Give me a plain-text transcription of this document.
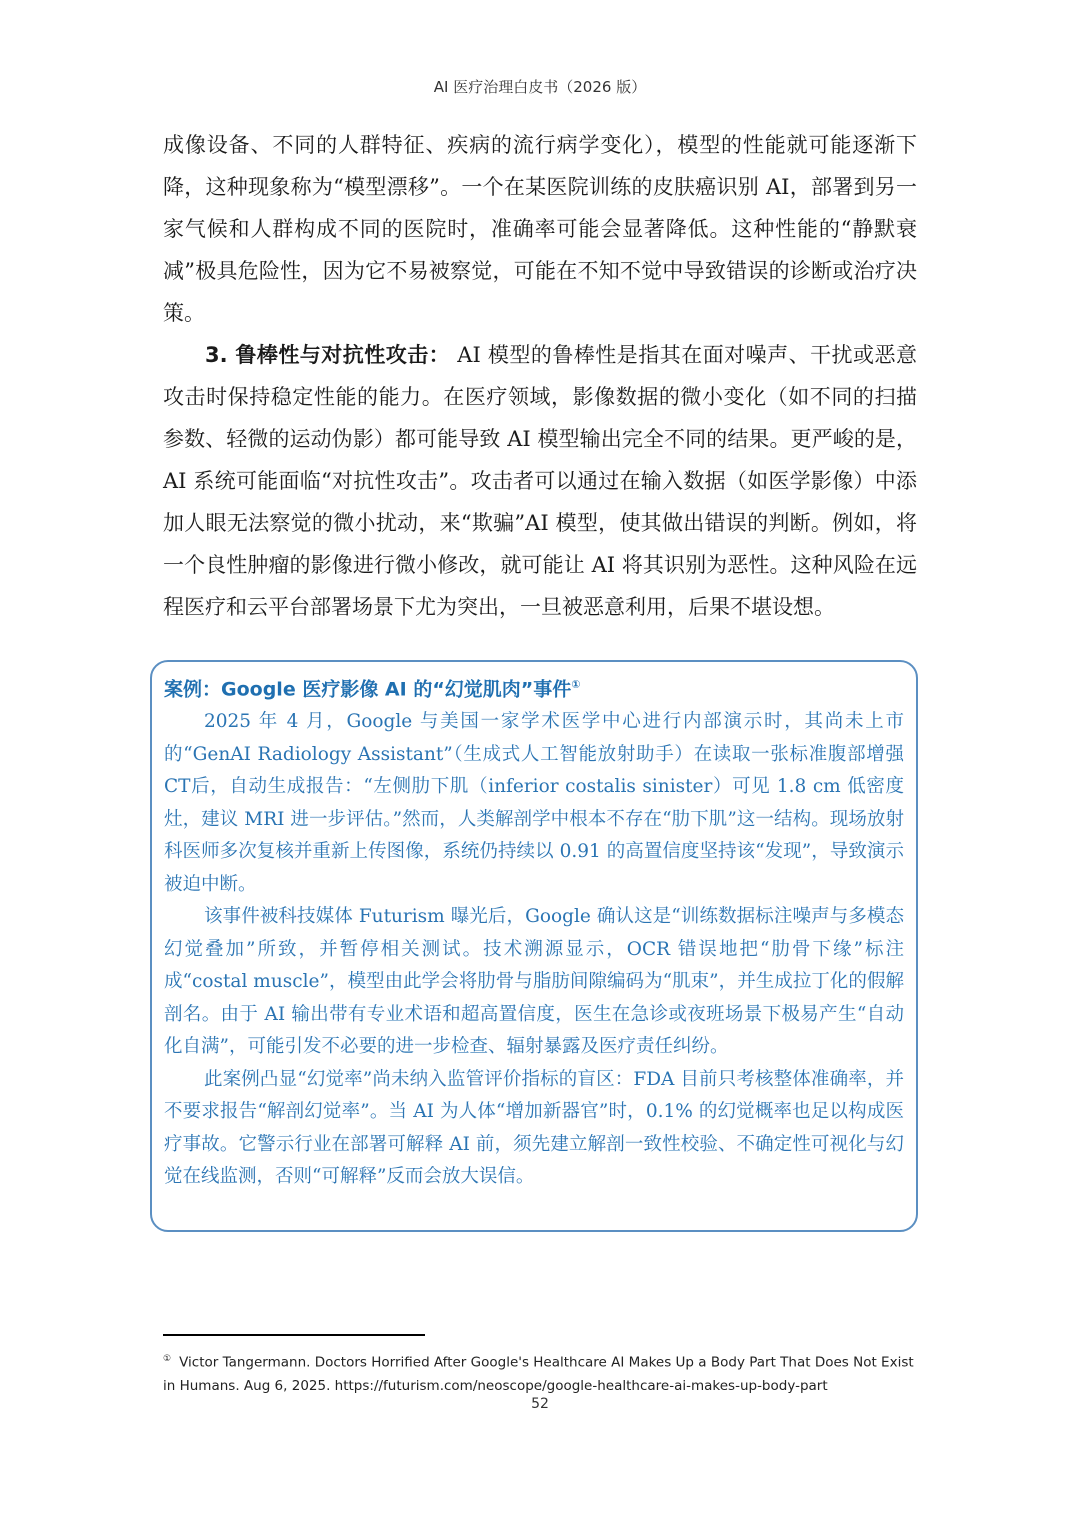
AI 医疗治理白皮书（2026 版）

成像设备、不同的人群特征、疾病的流行病学变化），模型的性能就可能逐渐下降，这种现象称为“模型漂移”。一个在某医院训练的皮肤癌识别 AI，部署到另一家气候和人群构成不同的医院时，准确率可能会显著降低。这种性能的“静默衰减”极具危险性，因为它不易被察觉，可能在不知不觉中导致错误的诊断或治疗决策。

3. 鲁棒性与对抗性攻击： AI 模型的鲁棒性是指其在面对噪声、干扰或恶意攻击时保持稳定性能的能力。在医疗领域，影像数据的微小变化（如不同的扫描参数、轻微的运动伪影）都可能导致 AI 模型输出完全不同的结果。更严峻的是，AI 系统可能面临“对抗性攻击”。攻击者可以通过在输入数据（如医学影像）中添加人眼无法察觉的微小扰动，来“欺骗”AI 模型，使其做出错误的判断。例如，将一个良性肿瘤的影像进行微小修改，就可能让 AI 将其识别为恶性。这种风险在远程医疗和云平台部署场景下尤为突出，一旦被恶意利用，后果不堪设想。

案例：Google 医疗影像 AI 的“幻觉肌肉”事件①

2025 年 4 月，Google 与美国一家学术医学中心进行内部演示时，其尚未上市的“GenAI Radiology Assistant”（生成式人工智能放射助手）在读取一张标准腹部增强CT后，自动生成报告：“左侧肋下肌（inferior costalis sinister）可见 1.8 cm 低密度灶，建议 MRI 进一步评估。”然而，人类解剖学中根本不存在“肋下肌”这一结构。现场放射科医师多次复核并重新上传图像，系统仍持续以 0.91 的高置信度坚持该“发现”，导致演示被迫中断。

该事件被科技媒体 Futurism 曝光后，Google 确认这是“训练数据标注噪声与多模态幻觉叠加”所致，并暂停相关测试。技术溯源显示，OCR 错误地把“肋骨下缘”标注成“costal muscle”，模型由此学会将肋骨与脂肪间隙编码为“肌束”，并生成拉丁化的假解剖名。由于 AI 输出带有专业术语和超高置信度，医生在急诊或夜班场景下极易产生“自动化自满”，可能引发不必要的进一步检查、辐射暴露及医疗责任纠纷。

此案例凸显“幻觉率”尚未纳入监管评价指标的盲区：FDA 目前只考核整体准确率，并不要求报告“解剖幻觉率”。当 AI 为人体“增加新器官”时，0.1% 的幻觉概率也足以构成医疗事故。它警示行业在部署可解释 AI 前，须先建立解剖一致性校验、不确定性可视化与幻觉在线监测，否则“可解释”反而会放大误信。

① Victor Tangermann. Doctors Horrified After Google's Healthcare AI Makes Up a Body Part That Does Not Exist in Humans. Aug 6, 2025. https://futurism.com/neoscope/google-healthcare-ai-makes-up-body-part
52
